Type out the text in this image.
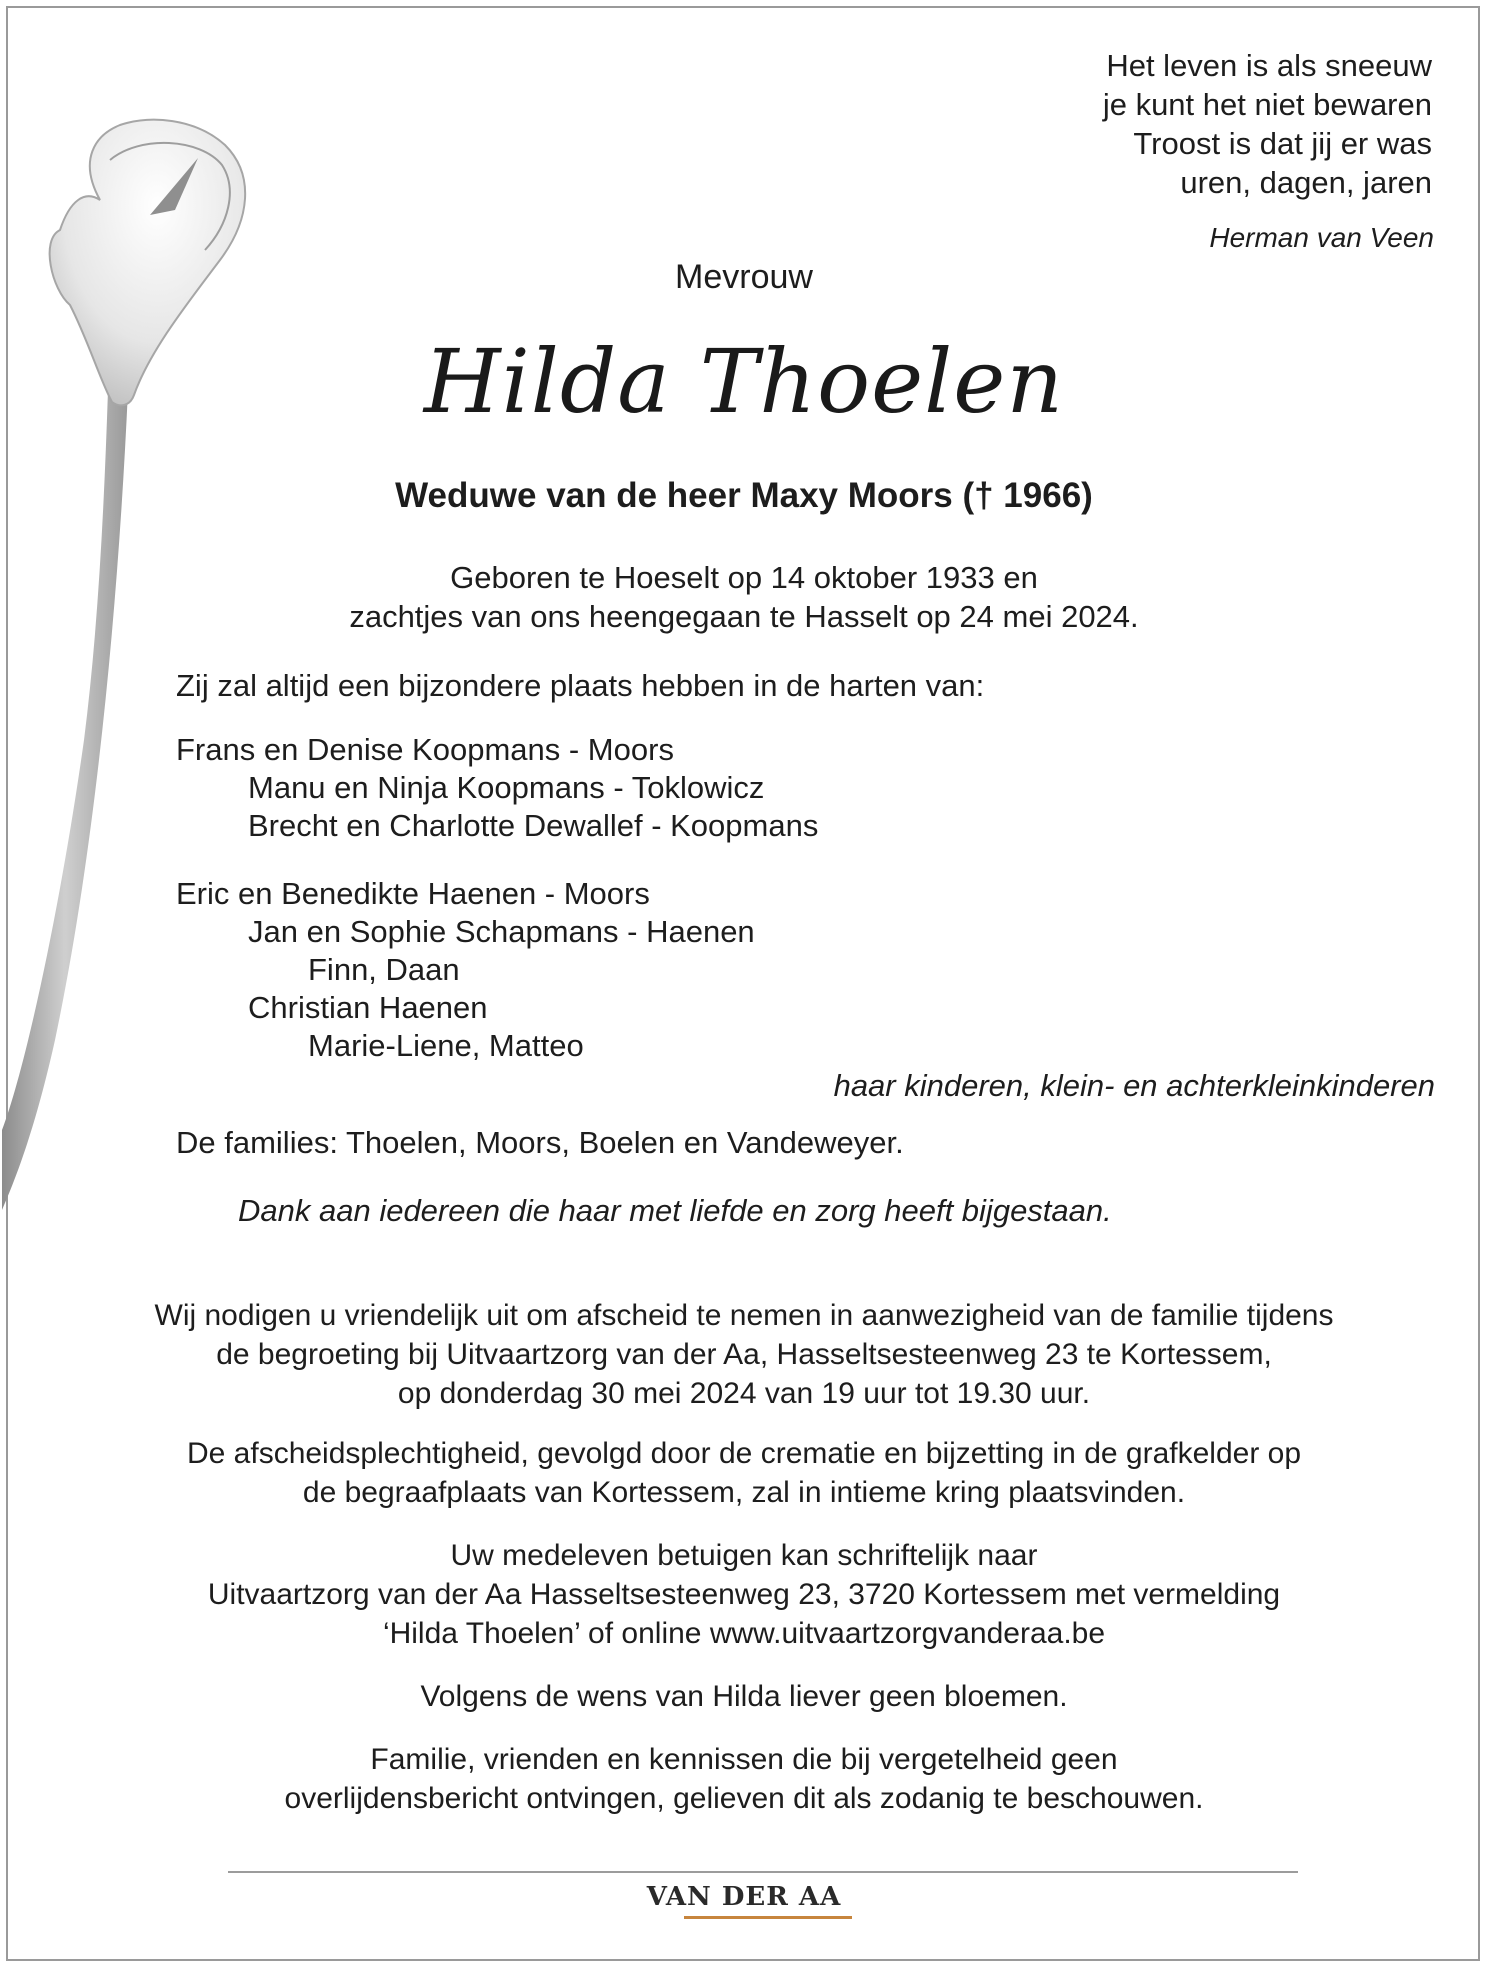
Het leven is als sneeuw
je kunt het niet bewaren
Troost is dat jij er was
uren, dagen, jaren
Herman van Veen
Mevrouw
Hilda Thoelen
Weduwe van de heer Maxy Moors († 1966)
Geboren te Hoeselt op 14 oktober 1933 en
zachtjes van ons heengegaan te Hasselt op 24 mei 2024.
Zij zal altijd een bijzondere plaats hebben in de harten van:
Frans en Denise Koopmans - Moors
Manu en Ninja Koopmans - Toklowicz
Brecht en Charlotte Dewallef - Koopmans
Eric en Benedikte Haenen - Moors
Jan en Sophie Schapmans - Haenen
Finn, Daan
Christian Haenen
Marie-Liene, Matteo
haar kinderen, klein- en achterkleinkinderen
De families: Thoelen, Moors, Boelen en Vandeweyer.
Dank aan iedereen die haar met liefde en zorg heeft bijgestaan.
Wij nodigen u vriendelijk uit om afscheid te nemen in aanwezigheid van de familie tijdens
de begroeting bij Uitvaartzorg van der Aa, Hasseltsesteenweg 23 te Kortessem,
op donderdag 30 mei 2024 van 19 uur tot 19.30 uur.
De afscheidsplechtigheid, gevolgd door de crematie en bijzetting in de grafkelder op
de begraafplaats van Kortessem, zal in intieme kring plaatsvinden.
Uw medeleven betuigen kan schriftelijk naar
Uitvaartzorg van der Aa Hasseltsesteenweg 23, 3720 Kortessem met vermelding
‘Hilda Thoelen’ of online www.uitvaartzorgvanderaa.be
Volgens de wens van Hilda liever geen bloemen.
Familie, vrienden en kennissen die bij vergetelheid geen
overlijdensbericht ontvingen, gelieven dit als zodanig te beschouwen.
VAN DER AA
